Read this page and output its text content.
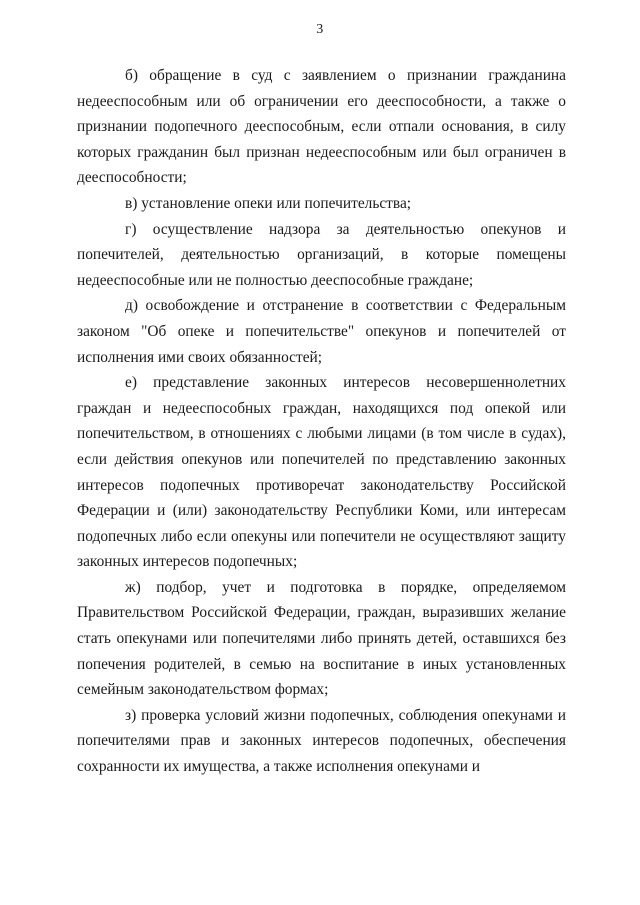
3

б) обращение в суд с заявлением о признании гражданина недееспособным или об ограничении его дееспособности, а также о признании подопечного дееспособным, если отпали основания, в силу которых гражданин был признан недееспособным или был ограничен в дееспособности;

в) установление опеки или попечительства;

г) осуществление надзора за деятельностью опекунов и попечителей, деятельностью организаций, в которые помещены недееспособные или не полностью дееспособные граждане;

д) освобождение и отстранение в соответствии с Федеральным законом "Об опеке и попечительстве" опекунов и попечителей от исполнения ими своих обязанностей;

е) представление законных интересов несовершеннолетних граждан и недееспособных граждан, находящихся под опекой или попечительством, в отношениях с любыми лицами (в том числе в судах), если действия опекунов или попечителей по представлению законных интересов подопечных противоречат законодательству Российской Федерации и (или) законодательству Республики Коми, или интересам подопечных либо если опекуны или попечители не осуществляют защиту законных интересов подопечных;

ж) подбор, учет и подготовка в порядке, определяемом Правительством Российской Федерации, граждан, выразивших желание стать опекунами или попечителями либо принять детей, оставшихся без попечения родителей, в семью на воспитание в иных установленных семейным законодательством формах;

з) проверка условий жизни подопечных, соблюдения опекунами и попечителями прав и законных интересов подопечных, обеспечения сохранности их имущества, а также исполнения опекунами и
